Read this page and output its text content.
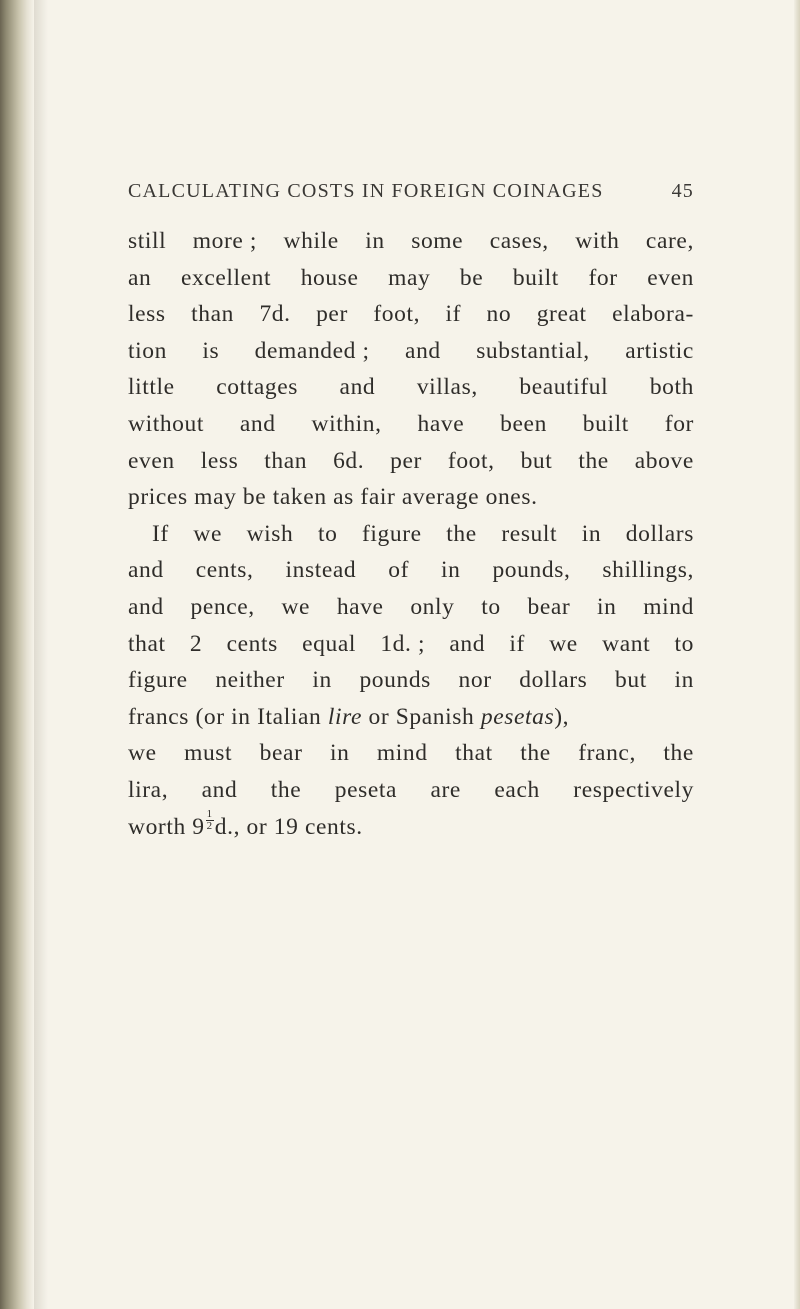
CALCULATING COSTS IN FOREIGN COINAGES	45
still more ; while in some cases, with care,
an excellent house may be built for even
less than 7d. per foot, if no great elabora-
tion is demanded ; and substantial, artistic
little cottages and villas, beautiful both
without and within, have been built for
even less than 6d. per foot, but the above
prices may be taken as fair average ones.
If we wish to figure the result in dollars
and cents, instead of in pounds, shillings,
and pence, we have only to bear in mind
that 2 cents equal 1d. ; and if we want to
figure neither in pounds nor dollars but in
francs (or in Italian lire or Spanish pesetas),
we must bear in mind that the franc, the
lira, and the peseta are each respectively
worth $9 \frac{1}{2} d$., or 19 cents.
